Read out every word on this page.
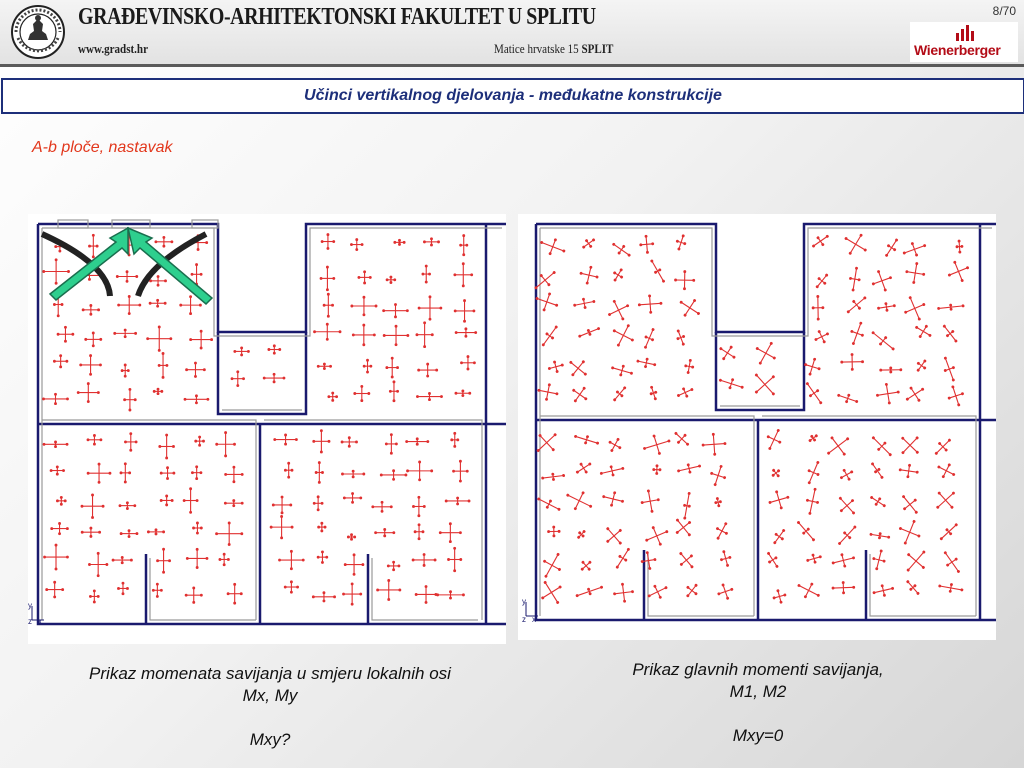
GRAĐEVINSKO-ARHITEKTONSKI FAKULTET U SPLITU
www.gradst.hr	Matice hrvatske 15 SPLIT
8/70
Wienerberger
Učinci vertikalnog djelovanja - međukatne konstrukcije
A-b ploče, nastavak
y
z x
y
z x
Prikaz momenata savijanja u smjeru lokalnih osi
Mx, My
Mxy?
Prikaz glavnih momenti savijanja,
M1, M2
Mxy=0
